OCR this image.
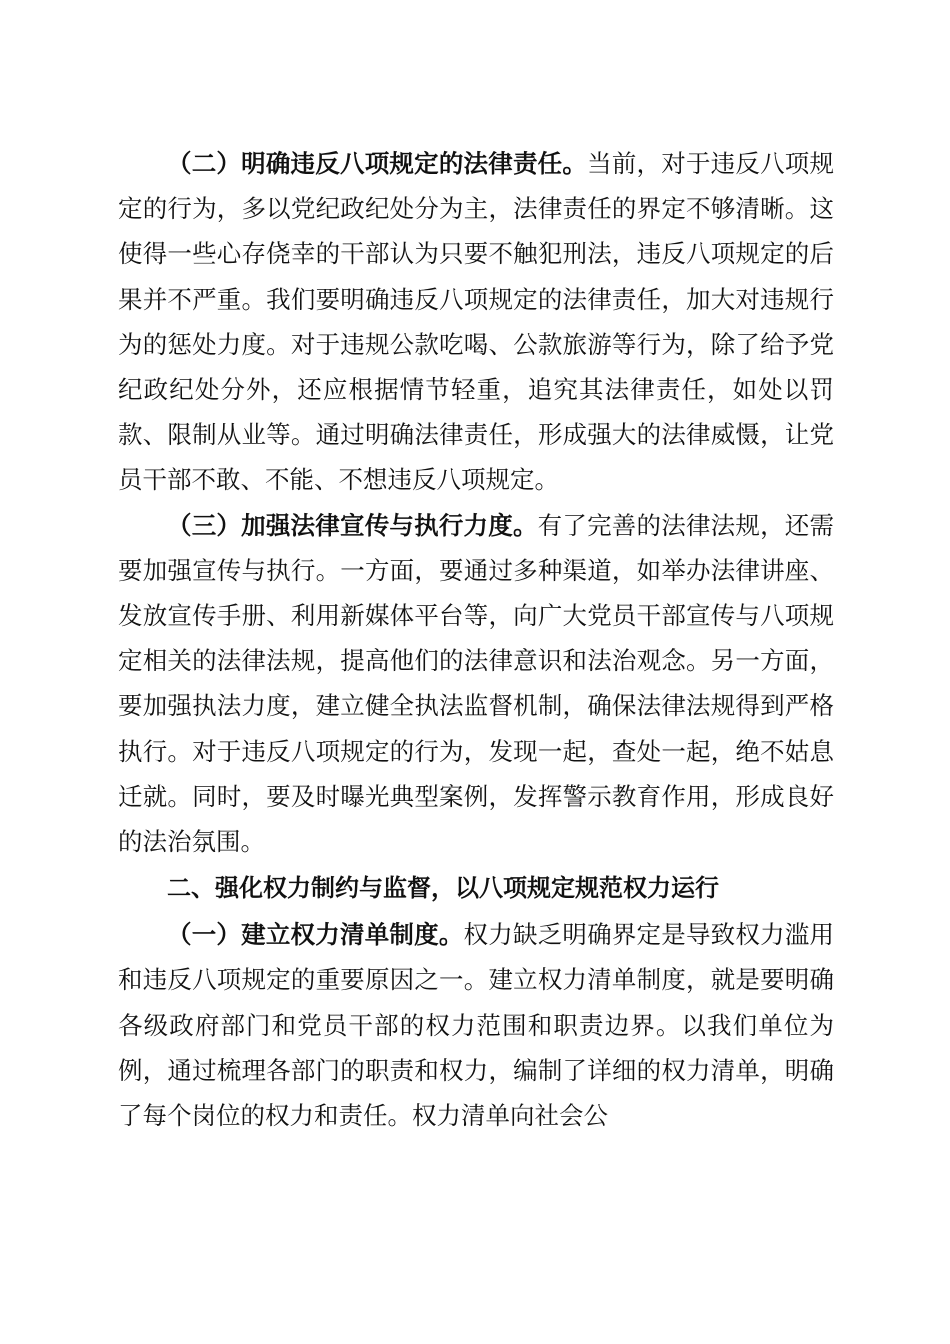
（二）明确违反八项规定的法律责任。当前，对于违反八项规定的行为，多以党纪政纪处分为主，法律责任的界定不够清晰。这使得一些心存侥幸的干部认为只要不触犯刑法，违反八项规定的后果并不严重。我们要明确违反八项规定的法律责任，加大对违规行为的惩处力度。对于违规公款吃喝、公款旅游等行为，除了给予党纪政纪处分外，还应根据情节轻重，追究其法律责任，如处以罚款、限制从业等。通过明确法律责任，形成强大的法律威慑，让党员干部不敢、不能、不想违反八项规定。

（三）加强法律宣传与执行力度。有了完善的法律法规，还需要加强宣传与执行。一方面，要通过多种渠道，如举办法律讲座、发放宣传手册、利用新媒体平台等，向广大党员干部宣传与八项规定相关的法律法规，提高他们的法律意识和法治观念。另一方面，要加强执法力度，建立健全执法监督机制，确保法律法规得到严格执行。对于违反八项规定的行为，发现一起，查处一起，绝不姑息迁就。同时，要及时曝光典型案例，发挥警示教育作用，形成良好的法治氛围。

二、强化权力制约与监督，以八项规定规范权力运行

（一）建立权力清单制度。权力缺乏明确界定是导致权力滥用和违反八项规定的重要原因之一。建立权力清单制度，就是要明确各级政府部门和党员干部的权力范围和职责边界。以我们单位为例，通过梳理各部门的职责和权力，编制了详细的权力清单，明确了每个岗位的权力和责任。权力清单向社会公
